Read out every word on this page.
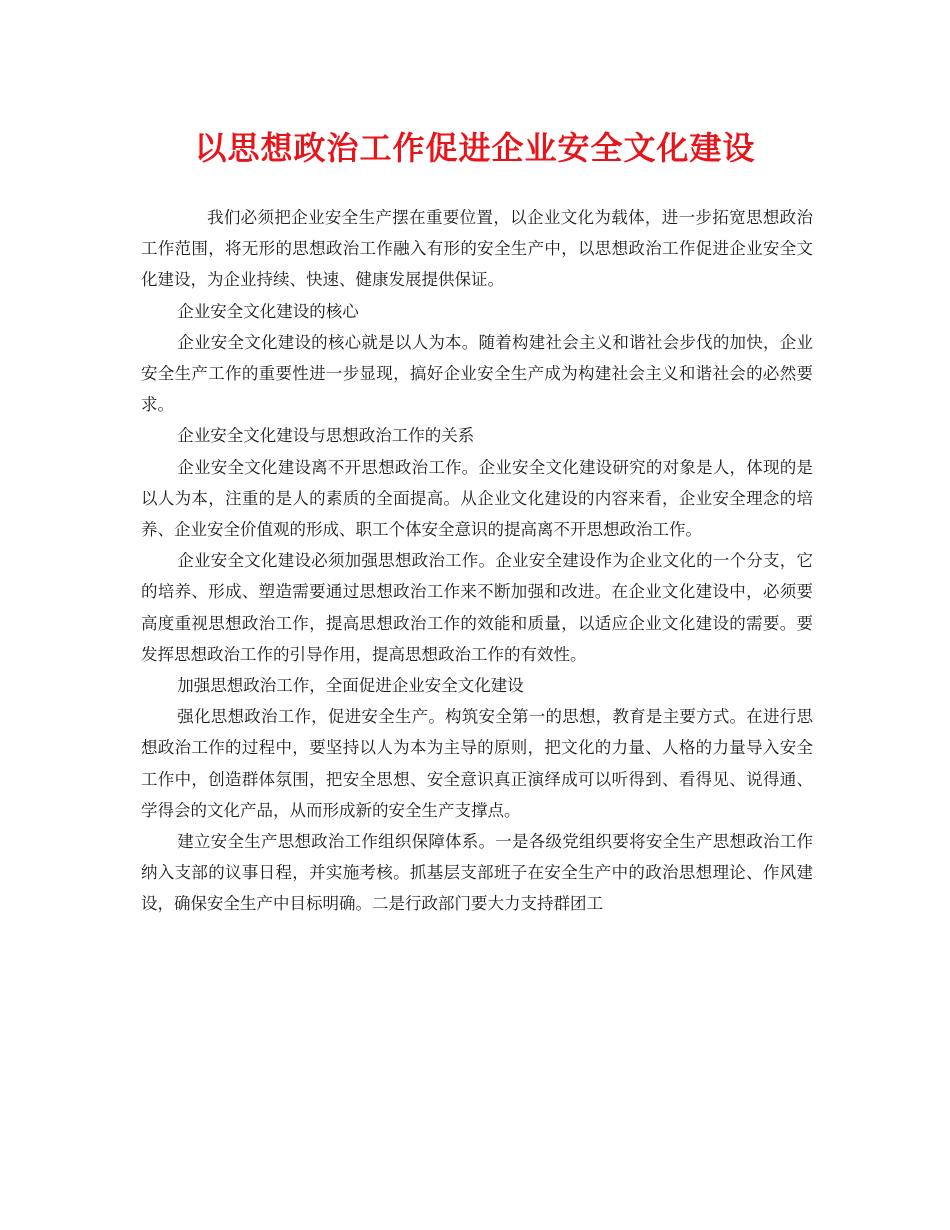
以思想政治工作促进企业安全文化建设

我们必须把企业安全生产摆在重要位置，以企业文化为载体，进一步拓宽思想政治工作范围，将无形的思想政治工作融入有形的安全生产中，以思想政治工作促进企业安全文化建设，为企业持续、快速、健康发展提供保证。

企业安全文化建设的核心

企业安全文化建设的核心就是以人为本。随着构建社会主义和谐社会步伐的加快，企业安全生产工作的重要性进一步显现，搞好企业安全生产成为构建社会主义和谐社会的必然要求。

企业安全文化建设与思想政治工作的关系

企业安全文化建设离不开思想政治工作。企业安全文化建设研究的对象是人，体现的是以人为本，注重的是人的素质的全面提高。从企业文化建设的内容来看，企业安全理念的培养、企业安全价值观的形成、职工个体安全意识的提高离不开思想政治工作。

企业安全文化建设必须加强思想政治工作。企业安全建设作为企业文化的一个分支，它的培养、形成、塑造需要通过思想政治工作来不断加强和改进。在企业文化建设中，必须要高度重视思想政治工作，提高思想政治工作的效能和质量，以适应企业文化建设的需要。要发挥思想政治工作的引导作用，提高思想政治工作的有效性。

加强思想政治工作，全面促进企业安全文化建设

强化思想政治工作，促进安全生产。构筑安全第一的思想，教育是主要方式。在进行思想政治工作的过程中，要坚持以人为本为主导的原则，把文化的力量、人格的力量导入安全工作中，创造群体氛围，把安全思想、安全意识真正演绎成可以听得到、看得见、说得通、学得会的文化产品，从而形成新的安全生产支撑点。

建立安全生产思想政治工作组织保障体系。一是各级党组织要将安全生产思想政治工作纳入支部的议事日程，并实施考核。抓基层支部班子在安全生产中的政治思想理论、作风建设，确保安全生产中目标明确。二是行政部门要大力支持群团工
